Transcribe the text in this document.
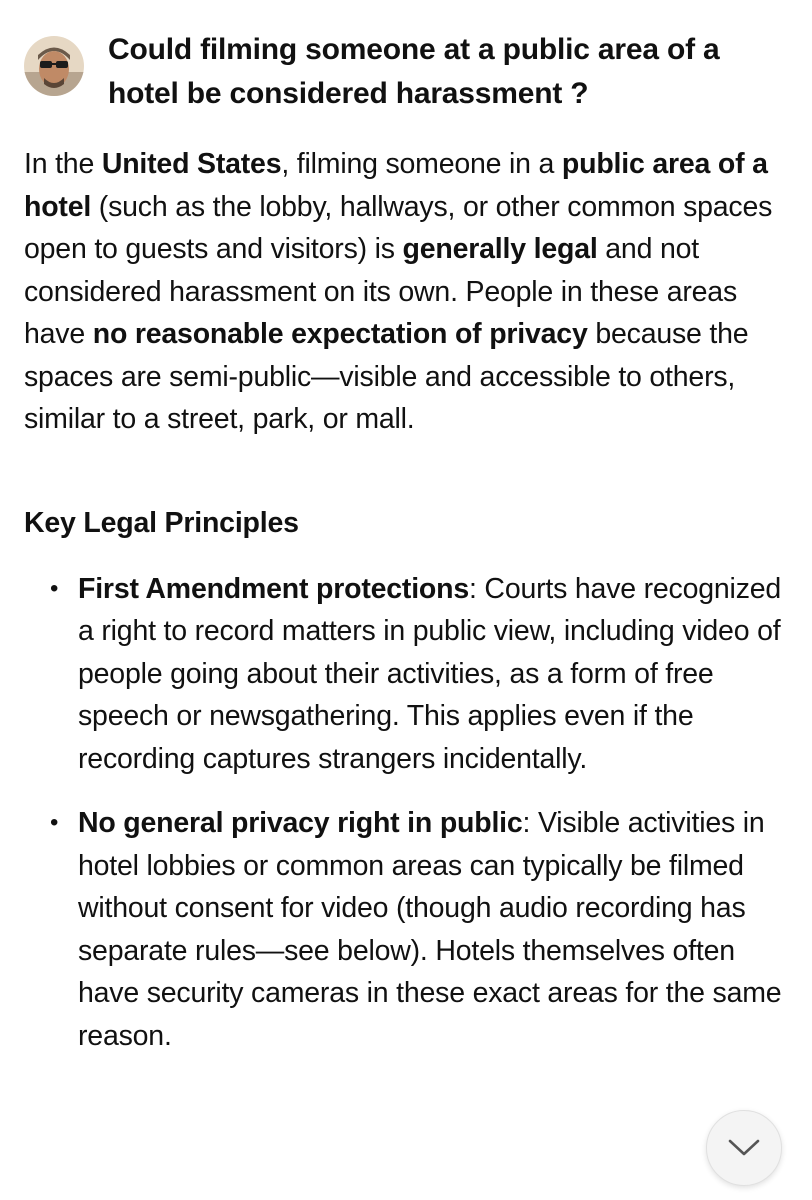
Could filming someone at a public area of a hotel be considered harassment ?

In the United States, filming someone in a public area of a hotel (such as the lobby, hallways, or other common spaces open to guests and visitors) is generally legal and not considered harassment on its own. People in these areas have no reasonable expectation of privacy because the spaces are semi-public—visible and accessible to others, similar to a street, park, or mall.

Key Legal Principles
• First Amendment protections: Courts have recognized a right to record matters in public view, including video of people going about their activities, as a form of free speech or newsgathering. This applies even if the recording captures strangers incidentally.
• No general privacy right in public: Visible activities in hotel lobbies or common areas can typically be filmed without consent for video (though audio recording has separate rules—see below). Hotels themselves often have security cameras in these exact areas for the same reason.
